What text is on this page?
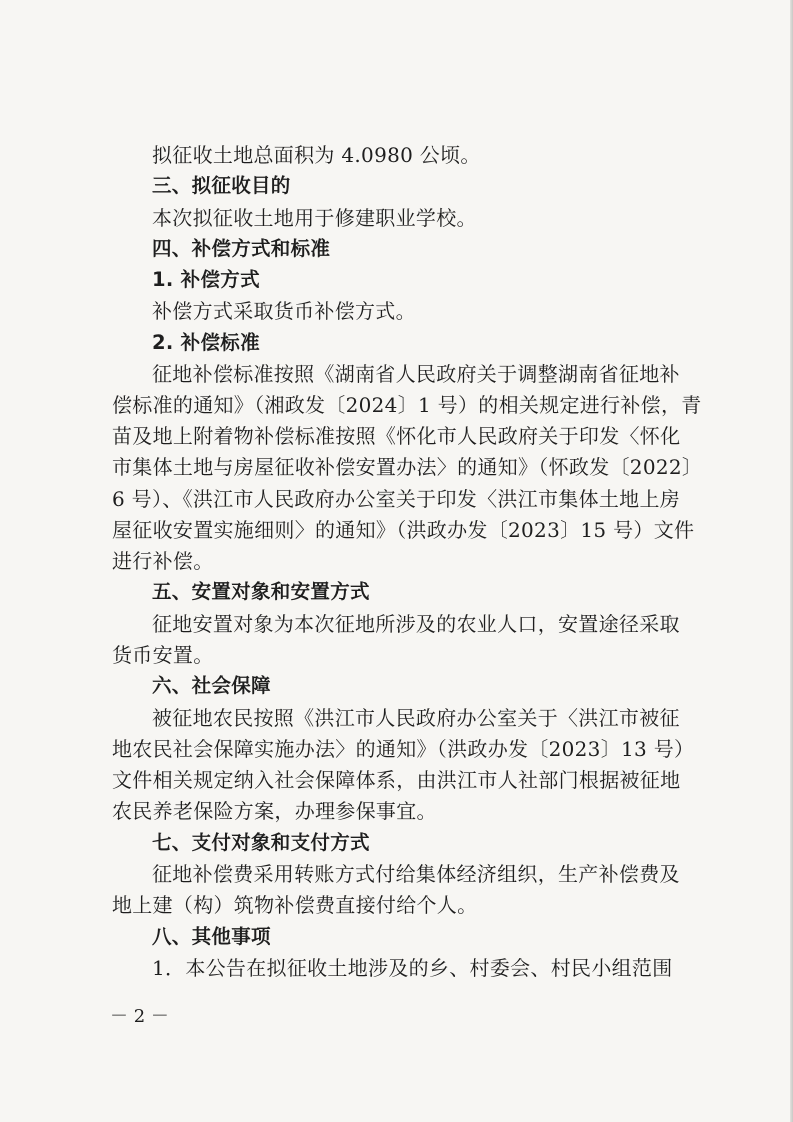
拟征收土地总面积为 4.0980 公顷。
三、拟征收目的
本次拟征收土地用于修建职业学校。
四、补偿方式和标准
1. 补偿方式
补偿方式采取货币补偿方式。
2. 补偿标准
征地补偿标准按照《湖南省人民政府关于调整湖南省征地补
偿标准的通知》（湘政发〔2024〕1 号）的相关规定进行补偿，青
苗及地上附着物补偿标准按照《怀化市人民政府关于印发〈怀化
市集体土地与房屋征收补偿安置办法〉的通知》（怀政发〔2022〕
6 号）、《洪江市人民政府办公室关于印发〈洪江市集体土地上房
屋征收安置实施细则〉的通知》（洪政办发〔2023〕15 号）文件
进行补偿。
五、安置对象和安置方式
征地安置对象为本次征地所涉及的农业人口，安置途径采取
货币安置。
六、社会保障
被征地农民按照《洪江市人民政府办公室关于〈洪江市被征
地农民社会保障实施办法〉的通知》（洪政办发〔2023〕13 号）
文件相关规定纳入社会保障体系，由洪江市人社部门根据被征地
农民养老保险方案，办理参保事宜。
七、支付对象和支付方式
征地补偿费采用转账方式付给集体经济组织，生产补偿费及
地上建（构）筑物补偿费直接付给个人。
八、其他事项
1．本公告在拟征收土地涉及的乡、村委会、村民小组范围
－ 2 －
